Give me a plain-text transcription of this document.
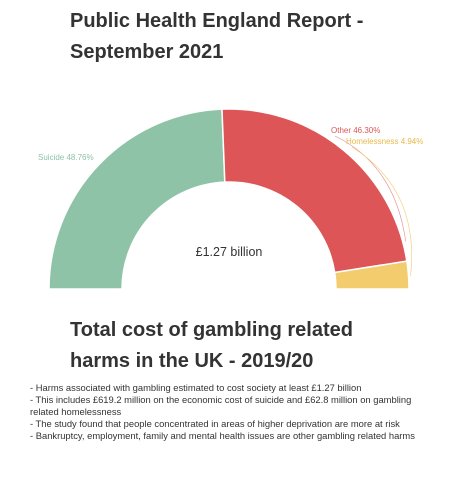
Public Health England Report - September 2021
Suicide 48.76%
Other 46.30%
Homelessness 4.94%
£1.27 billion
Total cost of gambling related harms in the UK - 2019/20
- Harms associated with gambling estimated to cost society at least £1.27 billion
- This includes £619.2 million on the economic cost of suicide and £62.8 million on gambling related homelessness
- The study found that people concentrated in areas of higher deprivation are more at risk
- Bankruptcy, employment, family and mental health issues are other gambling related harms
